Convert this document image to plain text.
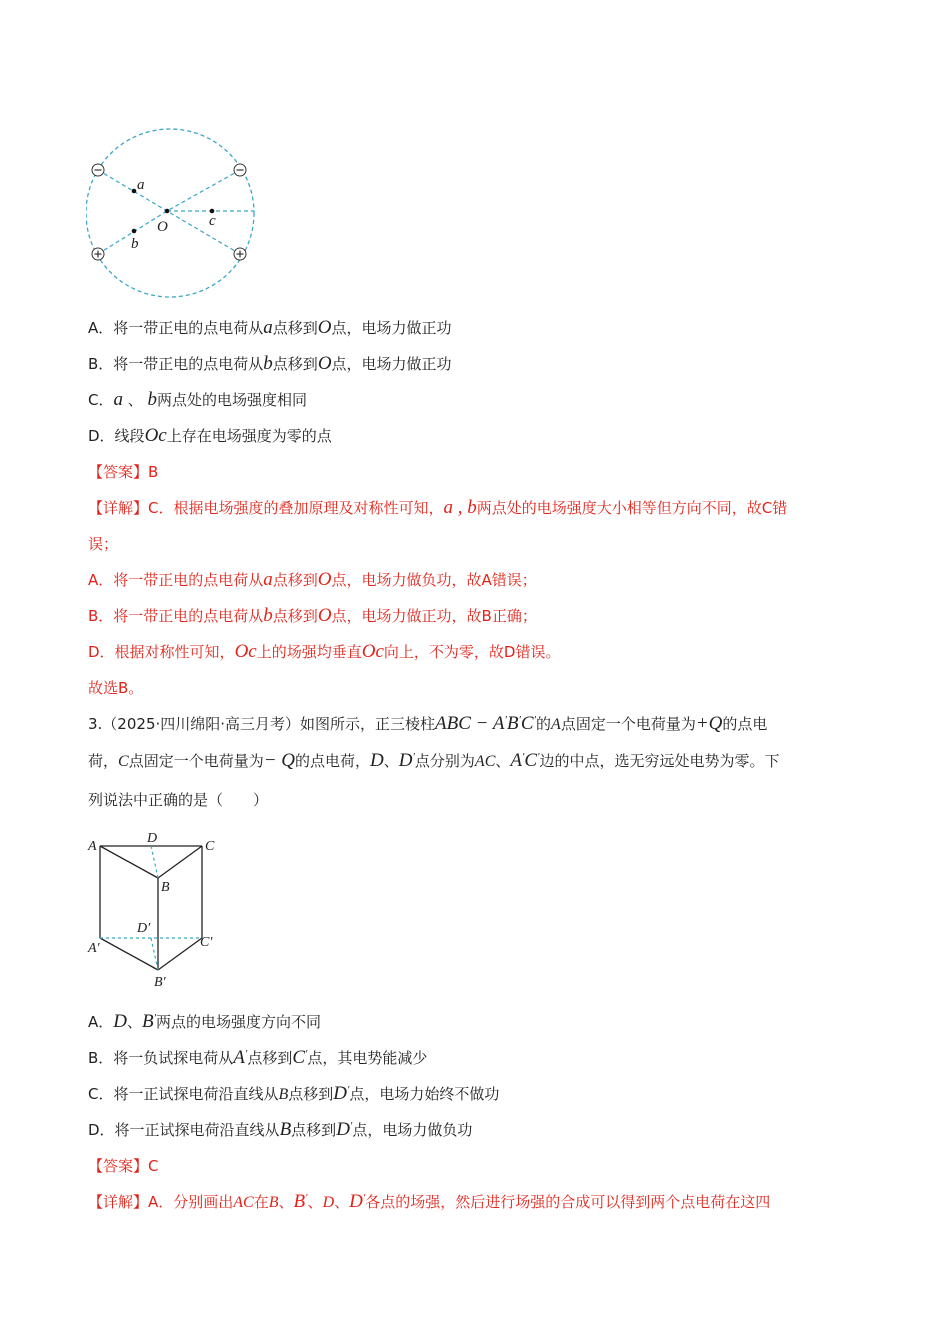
a
b
O	c
A．将一带正电的点电荷从a点移到O点，电场力做正功
B．将一带正电的点电荷从b点移到O点，电场力做正功
C．a 、 b两点处的电场强度相同
D．线段Oc上存在电场强度为零的点
【答案】B
【详解】C．根据电场强度的叠加原理及对称性可知，a , b两点处的电场强度大小相等但方向不同，故C错
误；
A．将一带正电的点电荷从a点移到O点，电场力做负功，故A错误；
B．将一带正电的点电荷从b点移到O点，电场力做正功，故B正确；
D．根据对称性可知，Oc上的场强均垂直Oc向上，不为零，故D错误。
故选B。
3.（2025·四川绵阳·高三月考）如图所示，正三棱柱ABC − A′B′C′的A点固定一个电荷量为+Q的点电
荷，C点固定一个电荷量为− Q的点电荷，D、D′点分别为AC、A′C′边的中点，选无穷远处电势为零。下
列说法中正确的是（　　）
A
D
C
B
D′
A′	C′
B′
A．D、B′两点的电场强度方向不同
B．将一负试探电荷从A′点移到C′点，其电势能减少
C．将一正试探电荷沿直线从B点移到D′点，电场力始终不做功
D．将一正试探电荷沿直线从B点移到D′点，电场力做负功
【答案】C
【详解】A．分别画出AC在B、B′、D、D′各点的场强，然后进行场强的合成可以得到两个点电荷在这四
